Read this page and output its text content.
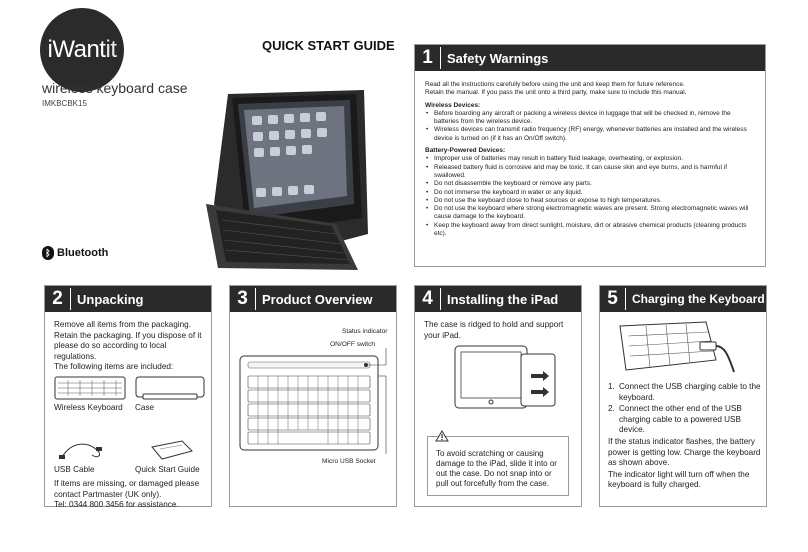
iWant it
wireless keyboard case
IMKBCBK15
QUICK START GUIDE
ᛒ Bluetooth
1	Safety Warnings
Read all the instructions carefully before using the unit and keep them for future reference.
Retain the manual. If you pass the unit onto a third party, make sure to include this manual.
Wireless Devices:
• Before boarding any aircraft or packing a wireless device in luggage that will be checked in, remove the batteries from the wireless device.
• Wireless devices can transmit radio frequency (RF) energy, whenever batteries are installed and the wireless device is turned on (if it has an On/Off switch).
Battery-Powered Devices:
• Improper use of batteries may result in battery fluid leakage, overheating, or explosion.
• Released battery fluid is corrosive and may be toxic. It can cause skin and eye burns, and is harmful if swallowed.
• Do not disassemble the keyboard or remove any parts.
• Do not immerse the keyboard in water or any liquid.
• Do not use the keyboard close to heat sources or expose to high temperatures.
• Do not use the keyboard where strong electromagnetic waves are present. Strong electromagnetic waves will cause damage to the keyboard.
• Keep the keyboard away from direct sunlight, moisture, dirt or abrasive chemical products (cleaning products etc).
2	Unpacking
Remove all items from the packaging. Retain the packaging. If you dispose of it please do so according to local regulations.
The following items are included:
Wireless Keyboard Case
USB Cable	Quick Start Guide
If items are missing, or damaged please contact Partmaster (UK only).
Tel: 0344 800 3456 for assistance.
3	Product Overview
Status indicator
ON/OFF switch
Micro USB Socket
4	Installing the iPad
The case is ridged to hold and support your iPad.
To avoid scratching or causing damage to the iPad, slide it into or out the case. Do not snap into or pull out forcefully from the case.
5	Charging the Keyboard
1. Connect the USB charging cable to the keyboard.
2. Connect the other end of the USB charging cable to a powered USB device.
If the status indicator flashes, the battery power is getting low. Charge the keyboard as shown above.
The indicator light will turn off when the keyboard is fully charged.
